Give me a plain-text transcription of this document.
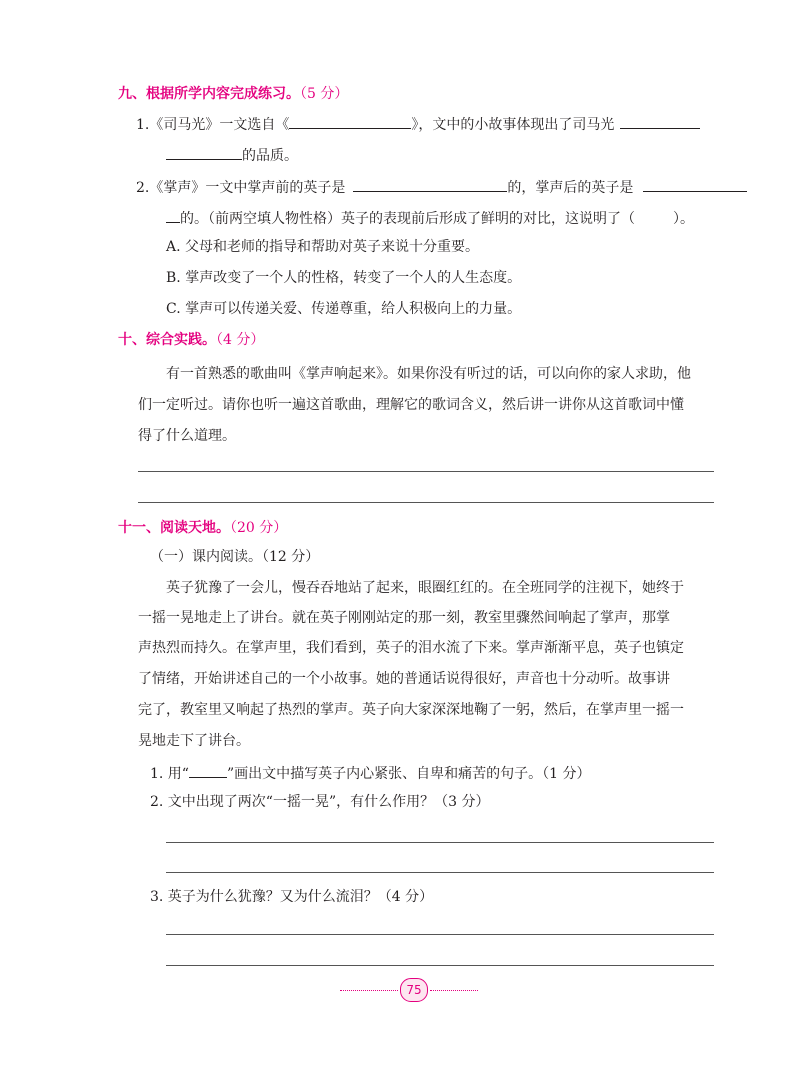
九、根据所学内容完成练习。（5 分）
1.《司马光》一文选自《	》，文中的小故事体现出了司马光
的品质。
2.《掌声》一文中掌声前的英子是	的，掌声后的英子是
的。（前两空填人物性格）英子的表现前后形成了鲜明的对比，这说明了（	）。
A. 父母和老师的指导和帮助对英子来说十分重要。
B. 掌声改变了一个人的性格，转变了一个人的人生态度。
C. 掌声可以传递关爱、传递尊重，给人积极向上的力量。
十、综合实践。（4 分）
有一首熟悉的歌曲叫《掌声响起来》。如果你没有听过的话，可以向你的家人求助，他
们一定听过。请你也听一遍这首歌曲，理解它的歌词含义，然后讲一讲你从这首歌词中懂
得了什么道理。
十一、阅读天地。（20 分）
（一）课内阅读。（12 分）
英子犹豫了一会儿，慢吞吞地站了起来，眼圈红红的。在全班同学的注视下，她终于
一摇一晃地走上了讲台。就在英子刚刚站定的那一刻，教室里骤然间响起了掌声，那掌
声热烈而持久。在掌声里，我们看到，英子的泪水流了下来。掌声渐渐平息，英子也镇定
了情绪，开始讲述自己的一个小故事。她的普通话说得很好，声音也十分动听。故事讲
完了，教室里又响起了热烈的掌声。英子向大家深深地鞠了一躬，然后，在掌声里一摇一
晃地走下了讲台。
1. 用“	”画出文中描写英子内心紧张、自卑和痛苦的句子。（1 分）
2. 文中出现了两次“一摇一晃”，有什么作用？（3 分）
3. 英子为什么犹豫？又为什么流泪？（4 分）
75
